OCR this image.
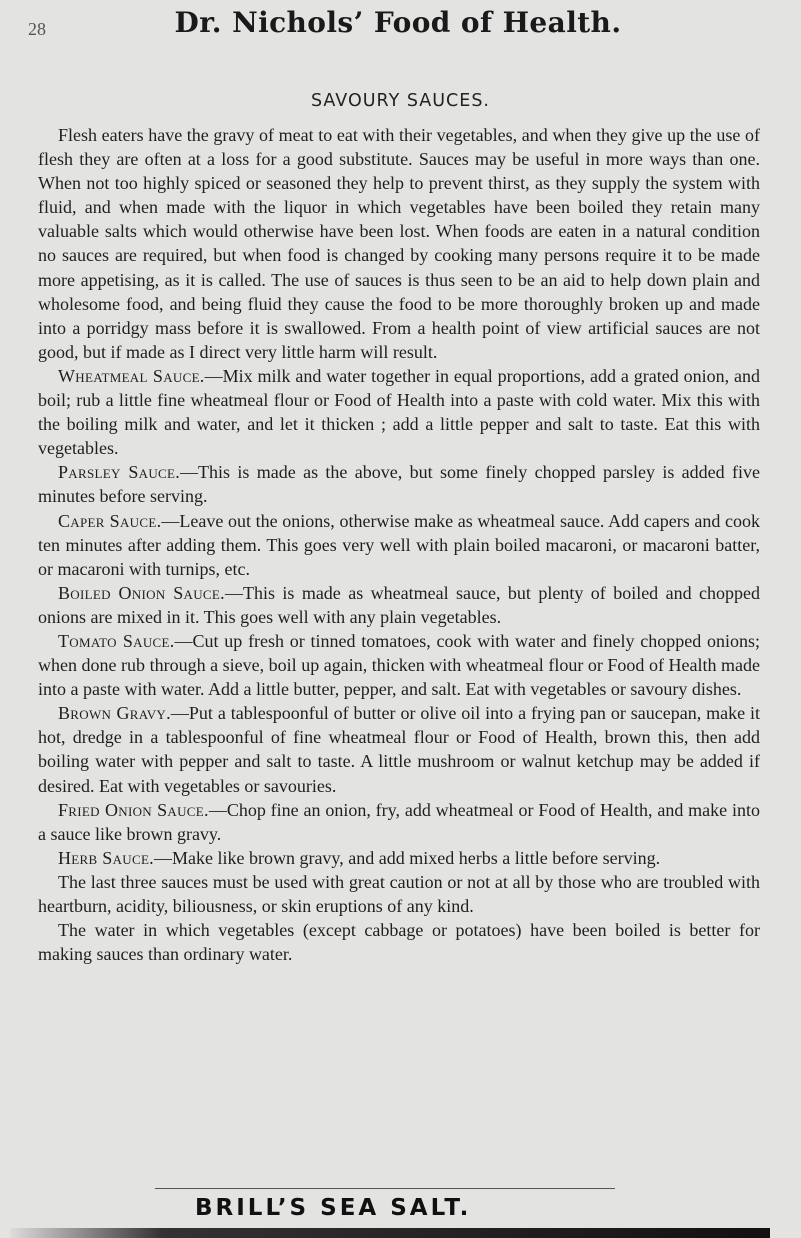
28	Dr. Nichols’ Food of Health.
SAVOURY SAUCES.

Flesh eaters have the gravy of meat to eat with their vegetables, and when they give up the use of flesh they are often at a loss for a good substitute. Sauces may be useful in more ways than one. When not too highly spiced or seasoned they help to prevent thirst, as they supply the system with fluid, and when made with the liquor in which vegetables have been boiled they retain many valuable salts which would otherwise have been lost. When foods are eaten in a natural condition no sauces are required, but when food is changed by cooking many persons require it to be made more appetising, as it is called. The use of sauces is thus seen to be an aid to help down plain and wholesome food, and being fluid they cause the food to be more thoroughly broken up and made into a porridgy mass before it is swallowed. From a health point of view artificial sauces are not good, but if made as I direct very little harm will result.

Wheatmeal Sauce.—Mix milk and water together in equal proportions, add a grated onion, and boil; rub a little fine wheatmeal flour or Food of Health into a paste with cold water. Mix this with the boiling milk and water, and let it thicken ; add a little pepper and salt to taste. Eat this with vegetables.

Parsley Sauce.—This is made as the above, but some finely chopped parsley is added five minutes before serving.

Caper Sauce.—Leave out the onions, otherwise make as wheatmeal sauce. Add capers and cook ten minutes after adding them. This goes very well with plain boiled macaroni, or macaroni batter, or macaroni with turnips, etc.

Boiled Onion Sauce.—This is made as wheatmeal sauce, but plenty of boiled and chopped onions are mixed in it. This goes well with any plain vegetables.

Tomato Sauce.—Cut up fresh or tinned tomatoes, cook with water and finely chopped onions; when done rub through a sieve, boil up again, thicken with wheatmeal flour or Food of Health made into a paste with water. Add a little butter, pepper, and salt. Eat with vegetables or savoury dishes.

Brown Gravy.—Put a tablespoonful of butter or olive oil into a frying pan or saucepan, make it hot, dredge in a tablespoonful of fine wheatmeal flour or Food of Health, brown this, then add boiling water with pepper and salt to taste. A little mushroom or walnut ketchup may be added if desired. Eat with vegetables or savouries.

Fried Onion Sauce.—Chop fine an onion, fry, add wheatmeal or Food of Health, and make into a sauce like brown gravy.

Herb Sauce.—Make like brown gravy, and add mixed herbs a little before serving.

The last three sauces must be used with great caution or not at all by those who are troubled with heartburn, acidity, biliousness, or skin eruptions of any kind.

The water in which vegetables (except cabbage or potatoes) have been boiled is better for making sauces than ordinary water.

BRILL’S SEA SALT.
